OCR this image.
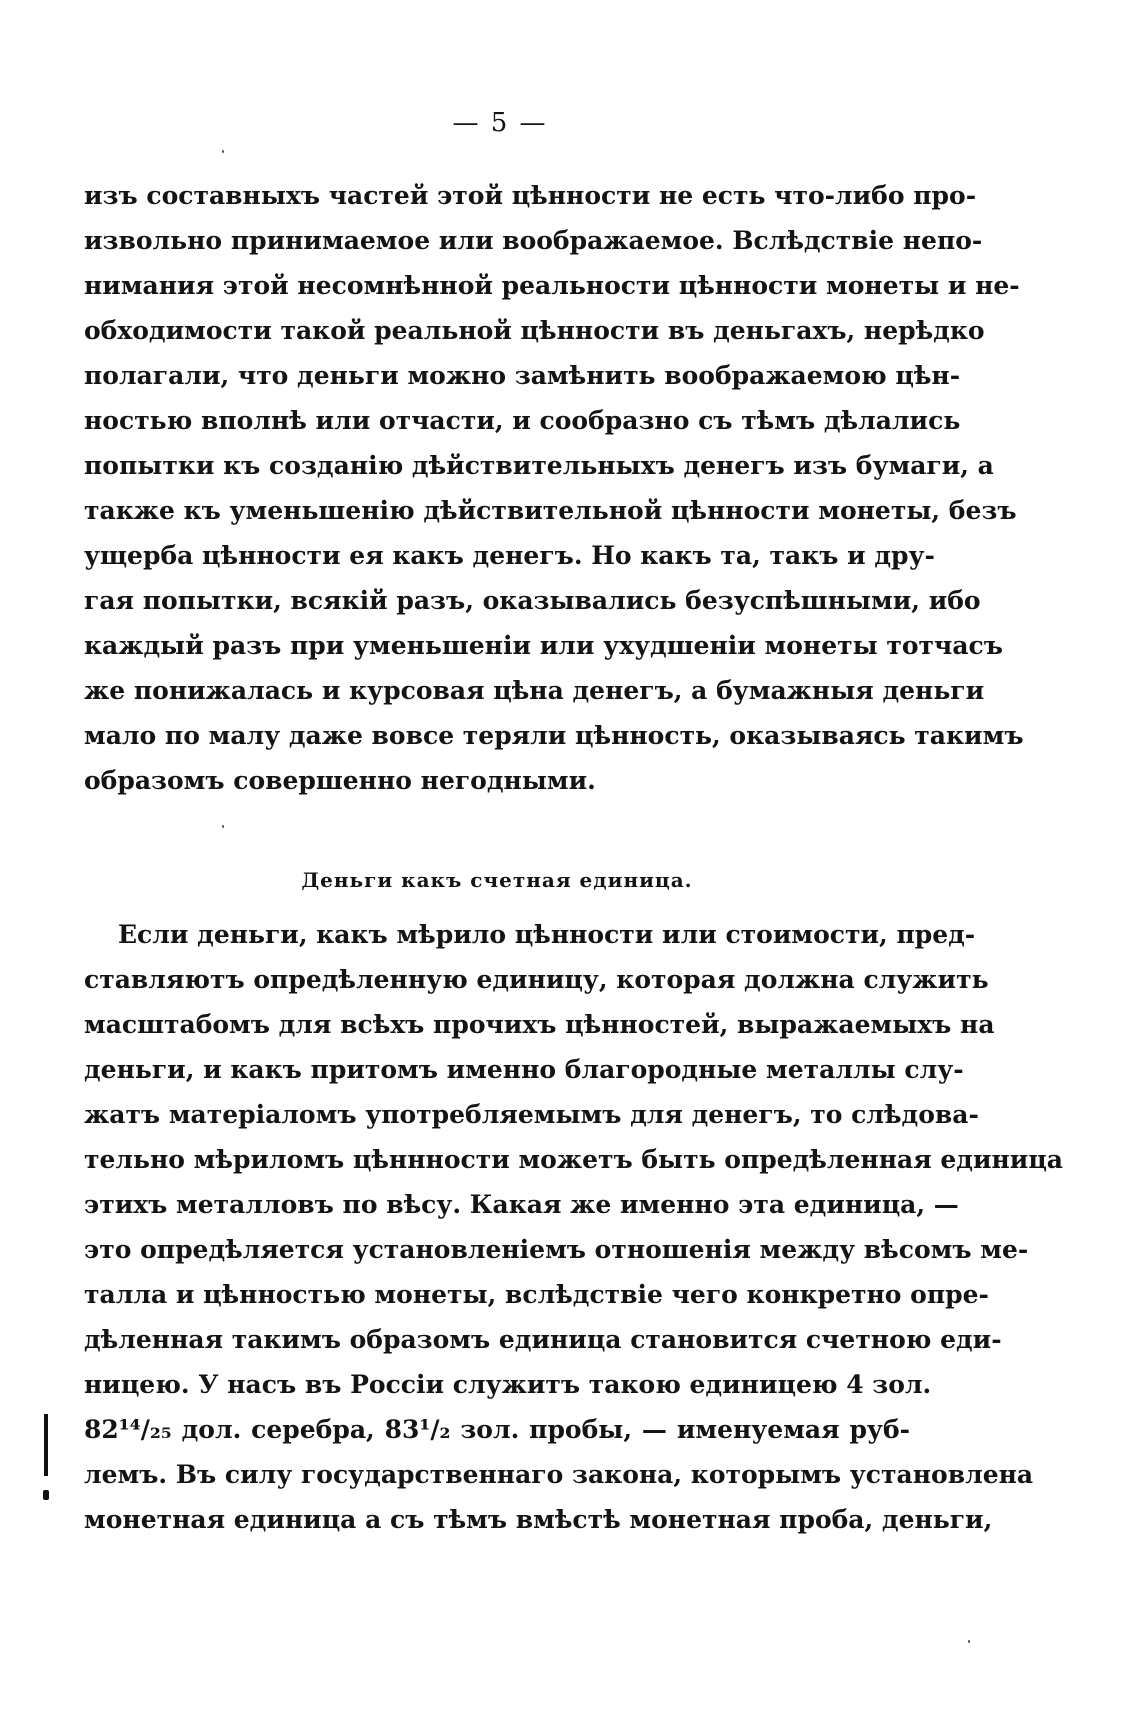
— 5 —
изъ составныхъ частей этой цѣнности не есть что-либо про-
извольно принимаемое или воображаемое. Вслѣдствіе непо-
нимания этой несомнѣнной реальности цѣнности монеты и не-
обходимости такой реальной цѣнности въ деньгахъ, нерѣдко
полагали, что деньги можно замѣнить воображаемою цѣн-
ностью вполнѣ или отчасти, и сообразно съ тѣмъ дѣлались
попытки къ созданію дѣйствительныхъ денегъ изъ бумаги, а
также къ уменьшенію дѣйствительной цѣнности монеты, безъ
ущерба цѣнности ея какъ денегъ. Но какъ та, такъ и дру-
гая попытки, всякій разъ, оказывались безуспѣшными, ибо
каждый разъ при уменьшеніи или ухудшеніи монеты тотчасъ
же понижалась и курсовая цѣна денегъ, а бумажныя деньги
мало по малу даже вовсе теряли цѣнность, оказываясь такимъ
образомъ совершенно негодными.
Деньги какъ счетная единица.
Если деньги, какъ мѣрило цѣнности или стоимости, пред-
ставляютъ опредѣленную единицу, которая должна служить
масштабомъ для всѣхъ прочихъ цѣнностей, выражаемыхъ на
деньги, и какъ притомъ именно благородные металлы слу-
жатъ матеріаломъ употребляемымъ для денегъ, то слѣдова-
тельно мѣриломъ цѣннности можетъ быть опредѣленная единица
этихъ металловъ по вѣсу. Какая же именно эта единица, —
это опредѣляется установленіемъ отношенія между вѣсомъ ме-
талла и цѣнностью монеты, вслѣдствіе чего конкретно опре-
дѣленная такимъ образомъ единица становится счетною еди-
ницею. У насъ въ Россіи служитъ такою единицею 4 зол.
82¹⁴/₂₅ дол. серебра, 83¹/₂ зол. пробы, — именуемая руб-
лемъ. Въ силу государственнаго закона, которымъ установлена
монетная единица а съ тѣмъ вмѣстѣ монетная проба, деньги,
